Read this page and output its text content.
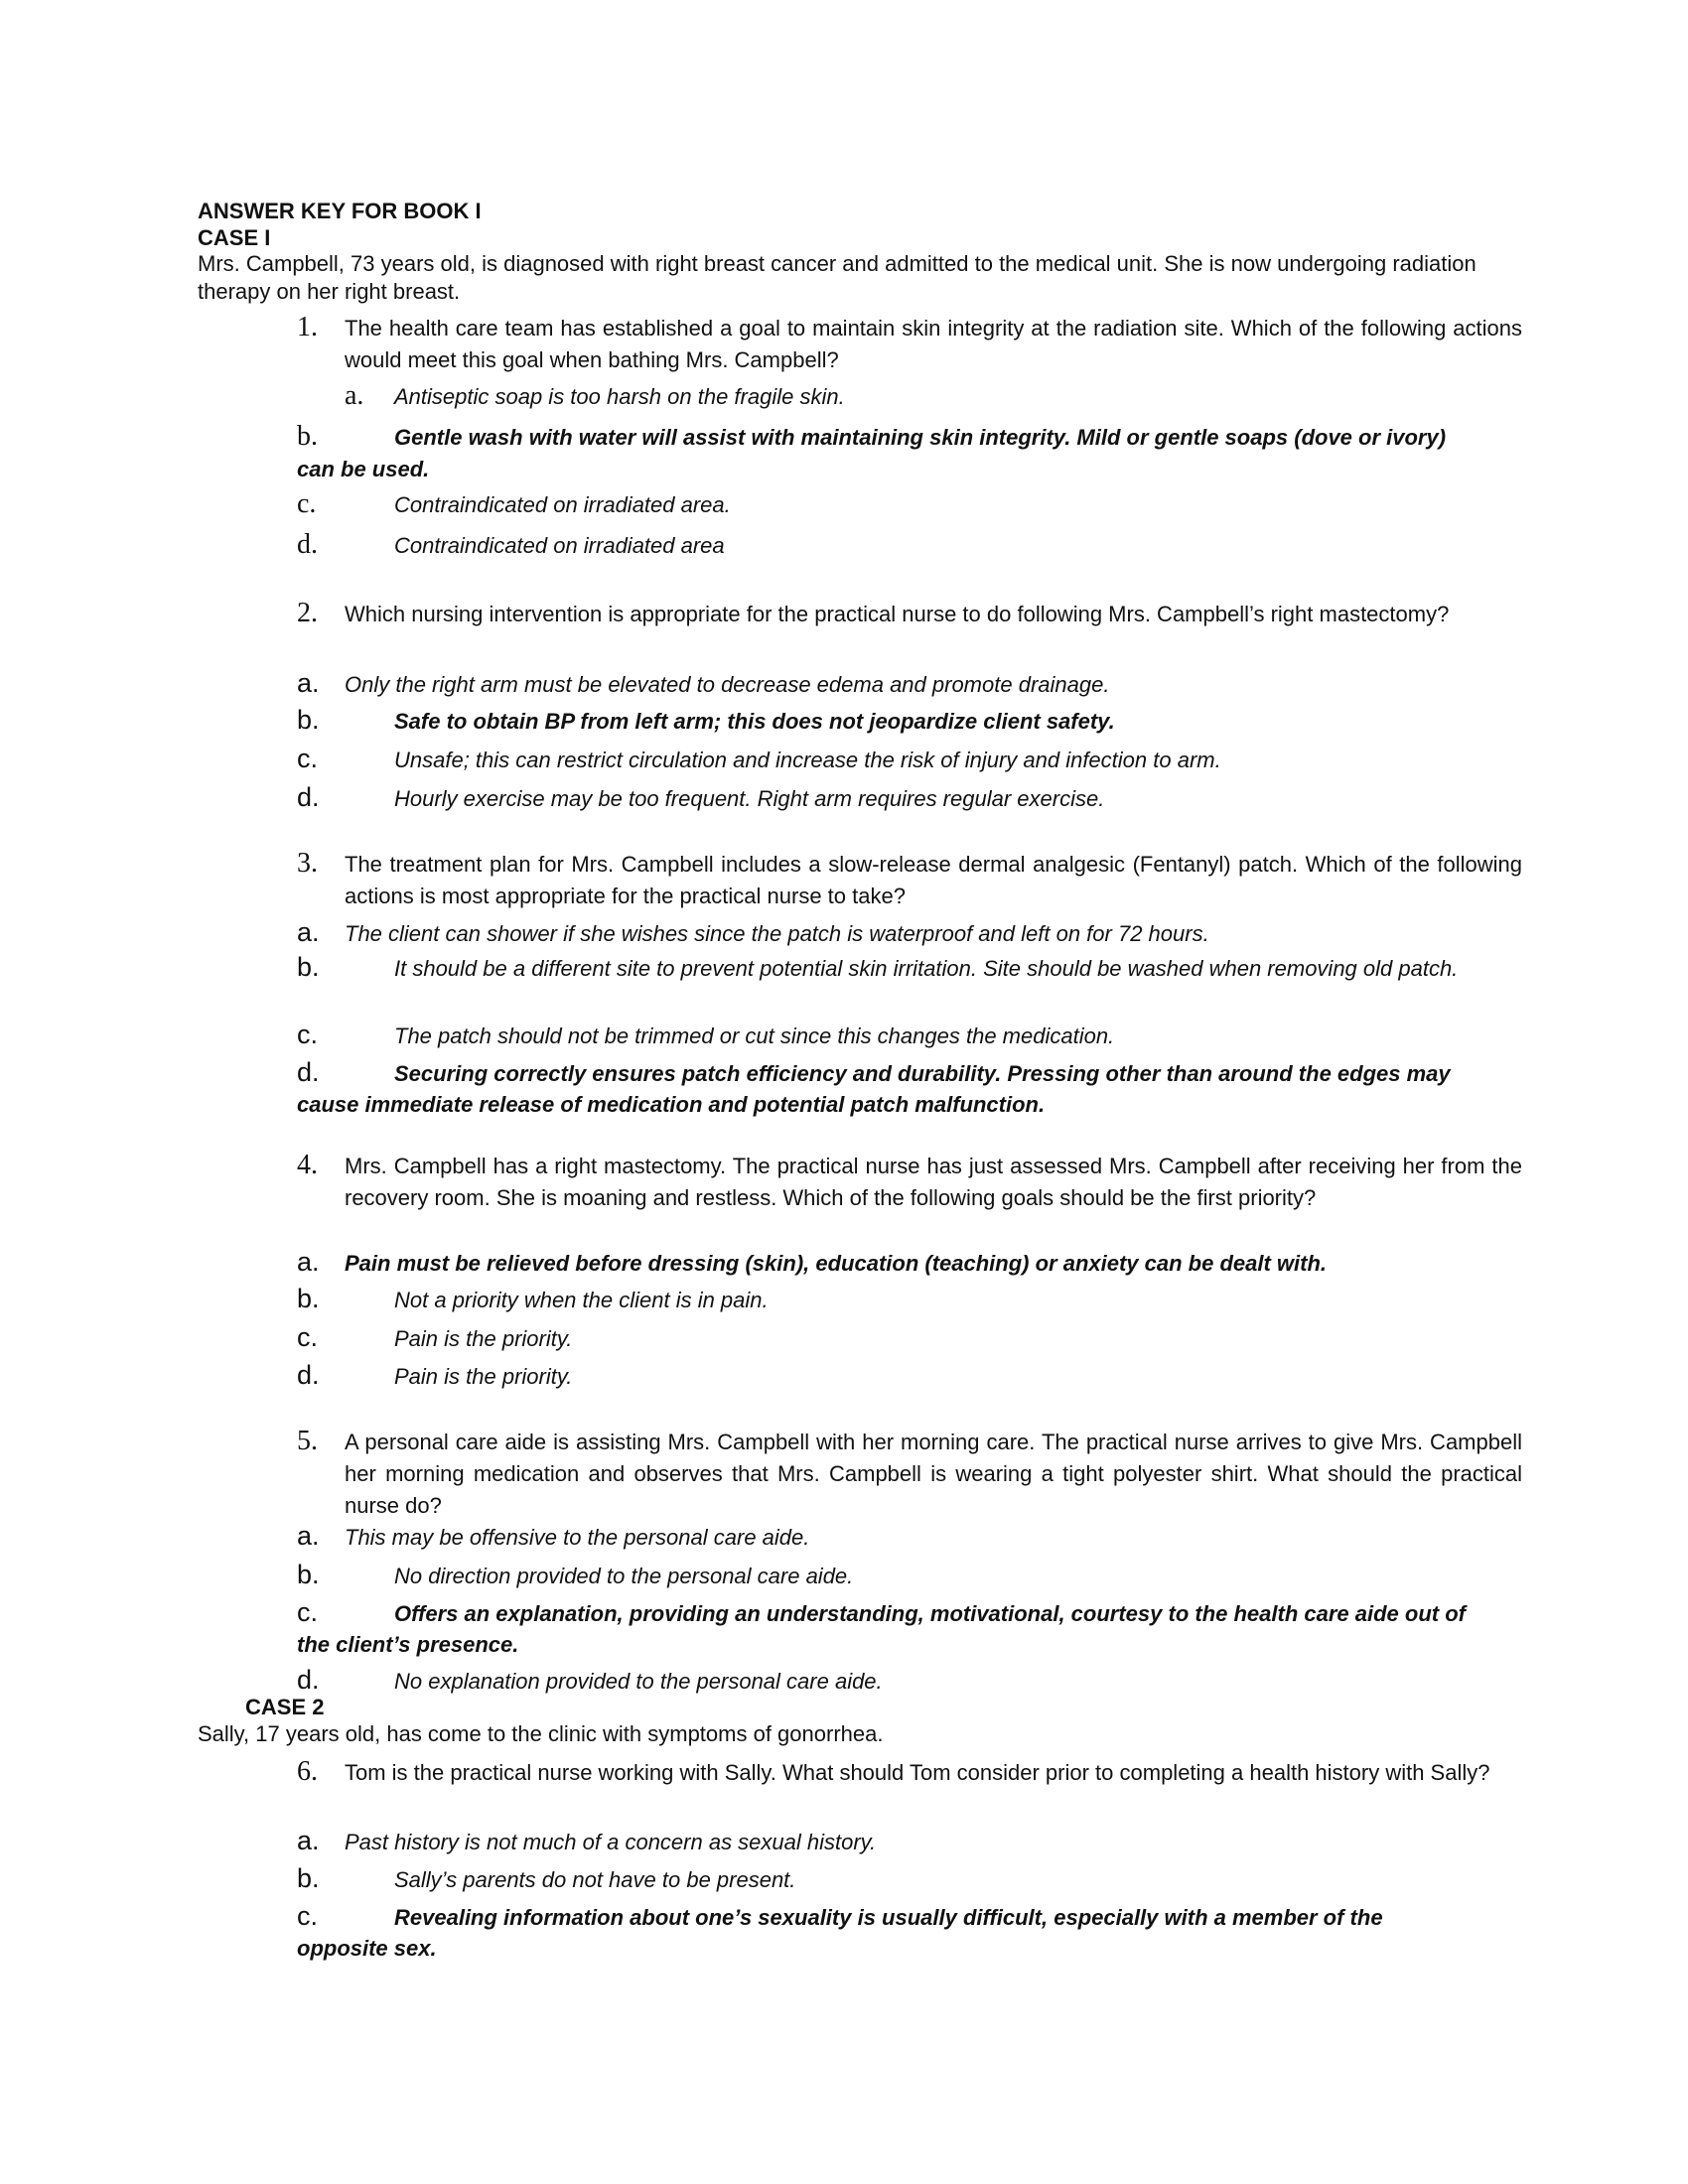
ANSWER KEY FOR BOOK I
CASE I
Mrs. Campbell, 73 years old, is diagnosed with right breast cancer and admitted to the medical unit. She is now undergoing radiation therapy on her right breast.
1. The health care team has established a goal to maintain skin integrity at the radiation site. Which of the following actions would meet this goal when bathing Mrs. Campbell?
a. Antiseptic soap is too harsh on the fragile skin.
b.	Gentle wash with water will assist with maintaining skin integrity. Mild or gentle soaps (dove or ivory) can be used.
c.	Contraindicated on irradiated area.
d.	Contraindicated on irradiated area
2. Which nursing intervention is appropriate for the practical nurse to do following Mrs. Campbell’s right mastectomy?
a. Only the right arm must be elevated to decrease edema and promote drainage.
b.	Safe to obtain BP from left arm; this does not jeopardize client safety.
c.	Unsafe; this can restrict circulation and increase the risk of injury and infection to arm.
d.	Hourly exercise may be too frequent. Right arm requires regular exercise.
3. The treatment plan for Mrs. Campbell includes a slow-release dermal analgesic (Fentanyl) patch. Which of the following actions is most appropriate for the practical nurse to take?
a. The client can shower if she wishes since the patch is waterproof and left on for 72 hours.
b.	It should be a different site to prevent potential skin irritation. Site should be washed when removing old patch.
c.	The patch should not be trimmed or cut since this changes the medication.
d.	Securing correctly ensures patch efficiency and durability. Pressing other than around the edges may cause immediate release of medication and potential patch malfunction.
4. Mrs. Campbell has a right mastectomy. The practical nurse has just assessed Mrs. Campbell after receiving her from the recovery room. She is moaning and restless. Which of the following goals should be the first priority?
a. Pain must be relieved before dressing (skin), education (teaching) or anxiety can be dealt with.
b.	Not a priority when the client is in pain.
c.	Pain is the priority.
d.	Pain is the priority.
5. A personal care aide is assisting Mrs. Campbell with her morning care. The practical nurse arrives to give Mrs. Campbell her morning medication and observes that Mrs. Campbell is wearing a tight polyester shirt. What should the practical nurse do?
a. This may be offensive to the personal care aide.
b.	No direction provided to the personal care aide.
c.	Offers an explanation, providing an understanding, motivational, courtesy to the health care aide out of the client’s presence.
d.	No explanation provided to the personal care aide.
CASE 2
Sally, 17 years old, has come to the clinic with symptoms of gonorrhea.
6. Tom is the practical nurse working with Sally. What should Tom consider prior to completing a health history with Sally?
a. Past history is not much of a concern as sexual history.
b.	Sally’s parents do not have to be present.
c.	Revealing information about one’s sexuality is usually difficult, especially with a member of the opposite sex.
